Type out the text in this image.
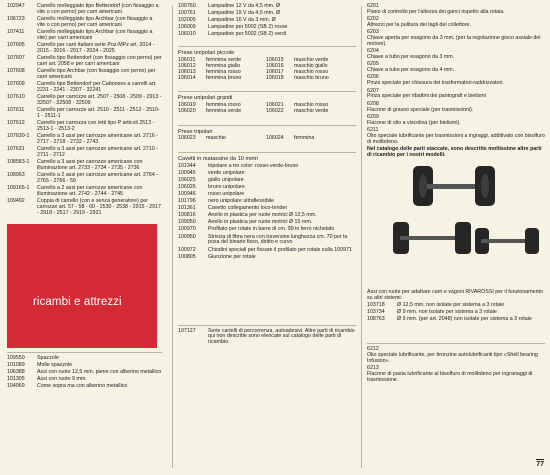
102947	Carrello molleggiato tipo Bettendorf (con fissaggio a vite o con perno) per carri americani
106723	Carrello molleggiato tipo Archbar (con fissaggio a vite o con perno) per carri americani
107411	Carrello molleggiato tipo Archbar (con fissaggio a vite) per carri americani
107605	Carrello per carri italiani serie Poz-MPz art. 2014 - 2015 - 2016 - 2017 - 2024 - 2025
107607	Carrello tipo Bettendorf (con fissaggio con perno) per carri art. 2058 e per carri americani
107608	Carrello tipo Archbar (con fissaggio con perno) per carri americani
107609	Carrello tipo Bettendorf per Cabooses a carrelli art. 2231 - 2241 - 2307 - 32241
107610	Carrello per carrozze art. 2507 - 2508 - 2509 - 2913 - 32507 - 32508 - 32509
107611	Carrello per carrozze art. 2510 - 2511 - 2512 - 2510-1 - 2511-1
107612	Carrello per carrozza con letti tipo P articoli 2513 - 2513-1 - 2513-2
107630-1	Carrello a 3 assi per carrozze americane art. 2716 - 2717 - 2718 - 2732 - 2743
107631	Carrello a 3 assi per carrozze americane art. 2710 - 2711 - 2712
108583-1	Carrello a 3 assi per carrozze americane con illuminazione art. 2733 - 2734 - 2735 - 2736
108963	Carrello a 2 assi per carrozze americane art. 2764 - 2765 - 2766 - 59
109165-1	Carrello a 2 assi per carrozze americane con illuminazione art. 2742 - 2744 - 2745
109492	Coppia di carrello (con e senza generatore) per carrozze art. 57 - 58 - 60 - 2530 - 2538 - 2915 - 2917 - 2918 - 2517 - 2919 - 2921
ricambi e attrezzi
109550	Spazzole
101089	Molle spazzole
106388	Assi con ruote 12,5 mm. piene con alberino metallico
101305	Assi con ruote 9 mm.
104969	Come sopra ma con alberino metallico
100760	Lampadine 12 V da 4,5 mm. Ø
100761	Lampadine 19 V da 4,5 mm. Ø
102005	Lampadine 16 V da 3 mm. Ø
106009	Lampadine per 5002 (SB 2) rosse
106010	Lampadine per 5002 (SB 2) verdi
Prese unipolari piccole
106011	femmina verde	106015	maschio verde
106012	femmina giallo	106016	maschio giallo
106013	femmina rosso	106017	maschio rosso
106014	femmina bruno	106018	maschio bruno
Prese unipolari grandi
106019	femmina rosso	106021	maschio rosso
106020	femmina verde	106022	maschio verde
Prese tripolari
106023	maschio	106024	femmina
Cavetti in matassine da 10 metri
101344	tripolare a tre color: rosso-verde-bruno
100945	verde unipolare
106025	giallo unipolare
106026	bruno unipolare
100946	rosso unipolare
101796	nero unipolare ultraflessibile
101361	Cavetto collegamento loco-tender
100816	Anello in plastica per ruote motrici Ø 12,5 mm.
109050	Anello in plastica per ruote motrici Ø 15 mm.
100970	Profilato per rotaie in barre di cm. 99 in ferro nichelato
100950	Striscia di fibra nera con traversine lunghezza cm. 70 per la posa del binario fisso, diritto e curvo
100972	Chiodini speciali per fissare il profilato per rotaie sulla 100971
100805	Giunzione per rotaie
107127	Serie cartelli di percorrenza, autoadesivi. Altre parti di ricambio qui non descritte sono elencate sul catalogo delle parti di ricambio.
6201
Piano di controllo per l'altezza dei ganci rispetto alla rotaia.
6202
Attrezzi per la pulitura dei tagli del collettore.
6203
Chiave aperta per esagono da 3 mm. (per la regolazione gioco assiale del motore).
6204
Chiave a tubo per esagono da 3 mm.
6205
Chiave a tubo per esagono da 4 mm.
6206
Pinza speciale per chiusura dei trasformatori-raddrizzatori.
6207
Pinza speciale per ribattini dei pantografi e bielismi
6208
Flacone di grasso speciale (per trasmissioni).
6209
Flacone di olio a viscolina (per bielismi).
6211
Olio speciale lubrificante per trasmissioni a ingraggi, additivato con bisolfuro di molibdeno.
Nel catalogo delle parti staccate, sono descritte moltissime altre parti di ricambio per i nostri modelli.
Assi con ruote per adattare carri e vagoni RIVAROSSI per il funzionamento su altri sistemi:
103718	Ø 12,5 mm. non isolate per sistema a 3 rotaie
103734	Ø 9 mm. non isolate per sistema a 3 rotaie
108763	Ø 9 mm. (per art. 2048) non isolate per sistema a 3 rotaie
6212
Olio speciale lubrificante, per bronzine autolubrificanti tipo «Shell bearing Infusion».
6213
Flacone di pasta lubrificante al bisolfuro di molibdeno per ingranaggi di trasmissione.
77
